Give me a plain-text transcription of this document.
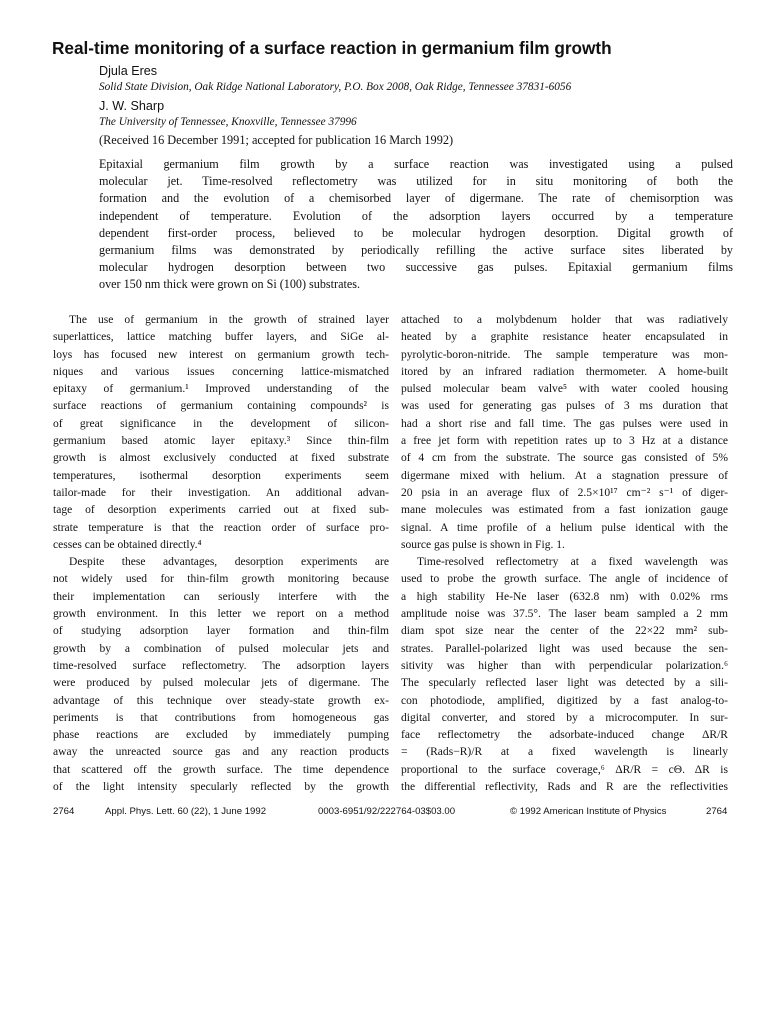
Real-time monitoring of a surface reaction in germanium film growth
Djula Eres
Solid State Division, Oak Ridge National Laboratory, P.O. Box 2008, Oak Ridge, Tennessee 37831-6056
J. W. Sharp
The University of Tennessee, Knoxville, Tennessee 37996
(Received 16 December 1991; accepted for publication 16 March 1992)
Epitaxial germanium film growth by a surface reaction was investigated using a pulsed
molecular jet. Time-resolved reflectometry was utilized for in situ monitoring of both the
formation and the evolution of a chemisorbed layer of digermane. The rate of chemisorption was
independent of temperature. Evolution of the adsorption layers occurred by a temperature
dependent first-order process, believed to be molecular hydrogen desorption. Digital growth of
germanium films was demonstrated by periodically refilling the active surface sites liberated by
molecular hydrogen desorption between two successive gas pulses. Epitaxial germanium films
over 150 nm thick were grown on Si (100) substrates.
The use of germanium in the growth of strained layer
superlattices, lattice matching buffer layers, and SiGe al-
loys has focused new interest on germanium growth tech-
niques and various issues concerning lattice-mismatched
epitaxy of germanium.¹ Improved understanding of the
surface reactions of germanium containing compounds² is
of great significance in the development of silicon-
germanium based atomic layer epitaxy.³ Since thin-film
growth is almost exclusively conducted at fixed substrate
temperatures, isothermal desorption experiments seem
tailor-made for their investigation. An additional advan-
tage of desorption experiments carried out at fixed sub-
strate temperature is that the reaction order of surface pro-
cesses can be obtained directly.⁴
Despite these advantages, desorption experiments are
not widely used for thin-film growth monitoring because
their implementation can seriously interfere with the
growth environment. In this letter we report on a method
of studying adsorption layer formation and thin-film
growth by a combination of pulsed molecular jets and
time-resolved surface reflectometry. The adsorption layers
were produced by pulsed molecular jets of digermane. The
advantage of this technique over steady-state growth ex-
periments is that contributions from homogeneous gas
phase reactions are excluded by immediately pumping
away the unreacted source gas and any reaction products
that scattered off the growth surface. The time dependence
of the light intensity specularly reflected by the growth
attached to a molybdenum holder that was radiatively
heated by a graphite resistance heater encapsulated in
pyrolytic-boron-nitride. The sample temperature was mon-
itored by an infrared radiation thermometer. A home-built
pulsed molecular beam valve⁵ with water cooled housing
was used for generating gas pulses of 3 ms duration that
had a short rise and fall time. The gas pulses were used in
a free jet form with repetition rates up to 3 Hz at a distance
of 4 cm from the substrate. The source gas consisted of 5%
digermane mixed with helium. At a stagnation pressure of
20 psia in an average flux of 2.5×10¹⁷ cm⁻² s⁻¹ of diger-
mane molecules was estimated from a fast ionization gauge
signal. A time profile of a helium pulse identical with the
source gas pulse is shown in Fig. 1.
Time-resolved reflectometry at a fixed wavelength was
used to probe the growth surface. The angle of incidence of
a high stability He-Ne laser (632.8 nm) with 0.02% rms
amplitude noise was 37.5°. The laser beam sampled a 2 mm
diam spot size near the center of the 22×22 mm² sub-
strates. Parallel-polarized light was used because the sen-
sitivity was higher than with perpendicular polarization.⁶
The specularly reflected laser light was detected by a sili-
con photodiode, amplified, digitized by a fast analog-to-
digital converter, and stored by a microcomputer. In sur-
face reflectometry the adsorbate-induced change ΔR/R
= (Rads−R)/R at a fixed wavelength is linearly
proportional to the surface coverage,⁶ ΔR/R = cΘ. ΔR is
the differential reflectivity, Rads and R are the reflectivities
2764	Appl. Phys. Lett. 60 (22), 1 June 1992	0003-6951/92/222764-03$03.00	© 1992 American Institute of Physics	2764
